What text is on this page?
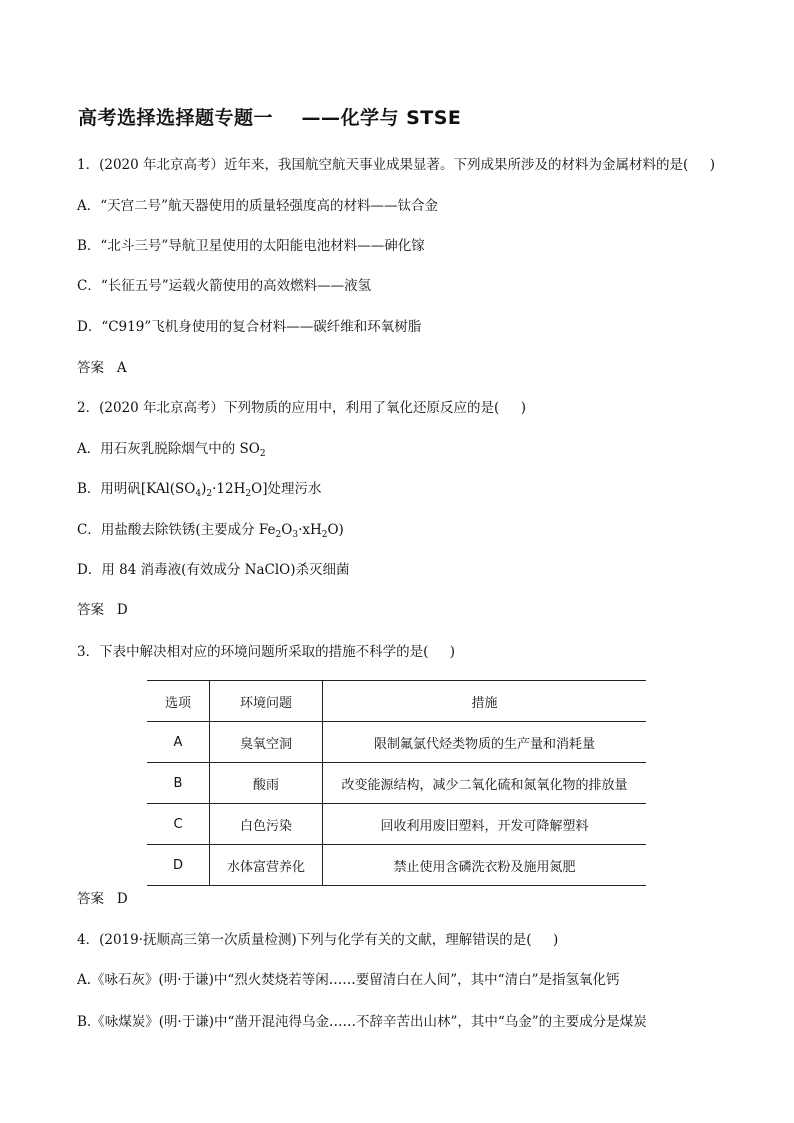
高考选择选择题专题一    ——化学与 STSE
1．(2020 年北京高考）近年来，我国航空航天事业成果显著。下列成果所涉及的材料为金属材料的是(     )
A．“天宫二号”航天器使用的质量轻强度高的材料——钛合金
B．“北斗三号”导航卫星使用的太阳能电池材料——砷化镓
C．“长征五号”运载火箭使用的高效燃料——液氢
D．“C919”飞机身使用的复合材料——碳纤维和环氧树脂
答案   A
2．(2020 年北京高考）下列物质的应用中，利用了氧化还原反应的是(     )
A．用石灰乳脱除烟气中的 $SO_2$
B．用明矾$[KAl(SO_4)_2\cdot 12H_2O]$处理污水
C．用盐酸去除铁锈(主要成分 $Fe_2O_3\cdot xH_2O$)
D．用 84 消毒液(有效成分 NaClO)杀灭细菌
答案   D
3．下表中解决相对应的环境问题所采取的措施不科学的是(     )
选项	环境问题	措施
A	臭氧空洞	限制氟氯代烃类物质的生产量和消耗量
B	酸雨	改变能源结构，减少二氧化硫和氮氧化物的排放量
C	白色污染	回收利用废旧塑料，开发可降解塑料
D	水体富营养化	禁止使用含磷洗衣粉及施用氮肥
答案   D
4．(2019·抚顺高三第一次质量检测)下列与化学有关的文献，理解错误的是(     )
A.《咏石灰》(明·于谦)中“烈火焚烧若等闲……要留清白在人间”，其中“清白”是指氢氧化钙
B.《咏煤炭》(明·于谦)中“凿开混沌得乌金……不辞辛苦出山林”，其中“乌金”的主要成分是煤炭
